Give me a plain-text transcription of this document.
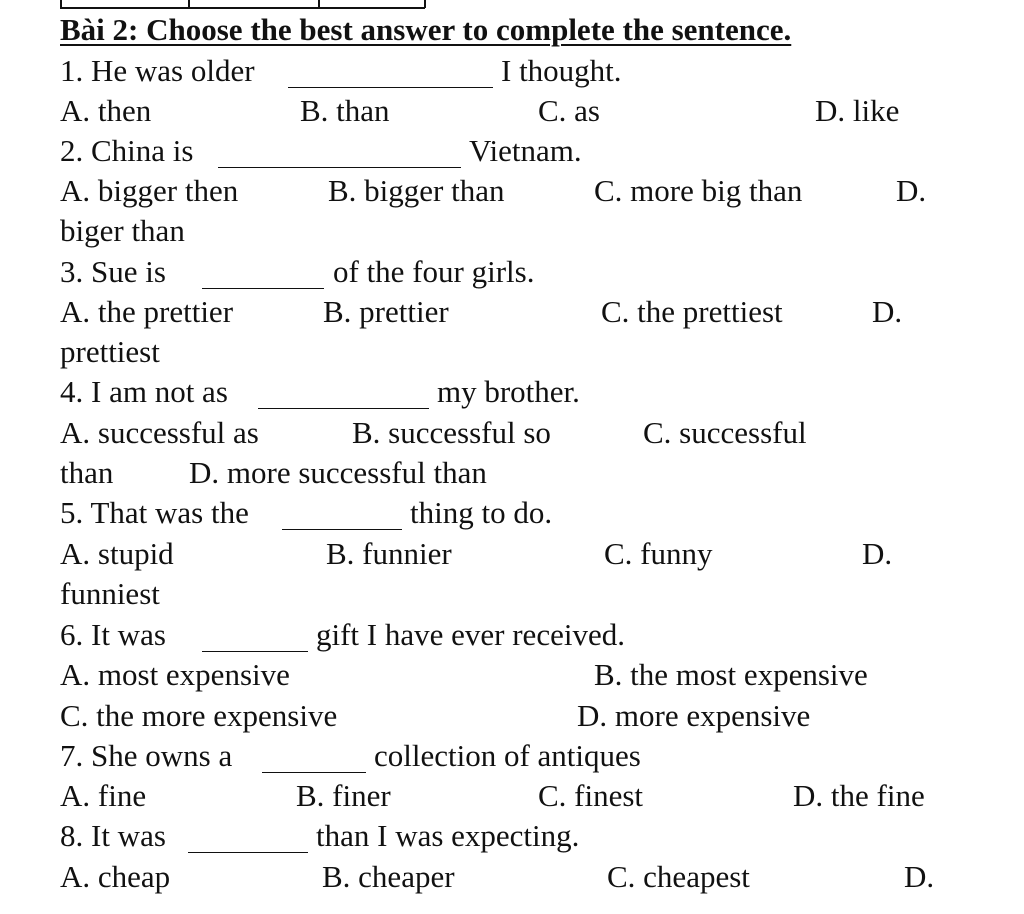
Bài 2: Choose the best answer to complete the sentence.
1. He was older	I thought.
A. then	B. than	C. as	D. like
2. China is	Vietnam.
A. bigger then	B. bigger than	C. more big than	D.
biger than
3. Sue is	of the four girls.
A. the prettier	B. prettier	C. the prettiest	D.
prettiest
4. I am not as	my brother.
A. successful as	B. successful so	C. successful
than D. more successful than
5. That was the	thing to do.
A. stupid	B. funnier	C. funny	D.
funniest
6. It was	gift I have ever received.
A. most expensive	B. the most expensive
C. the more expensive	D. more expensive
7. She owns a	collection of antiques
A. fine	B. finer	C. finest	D. the fine
8. It was	than I was expecting.
A. cheap	B. cheaper	C. cheapest	D.
